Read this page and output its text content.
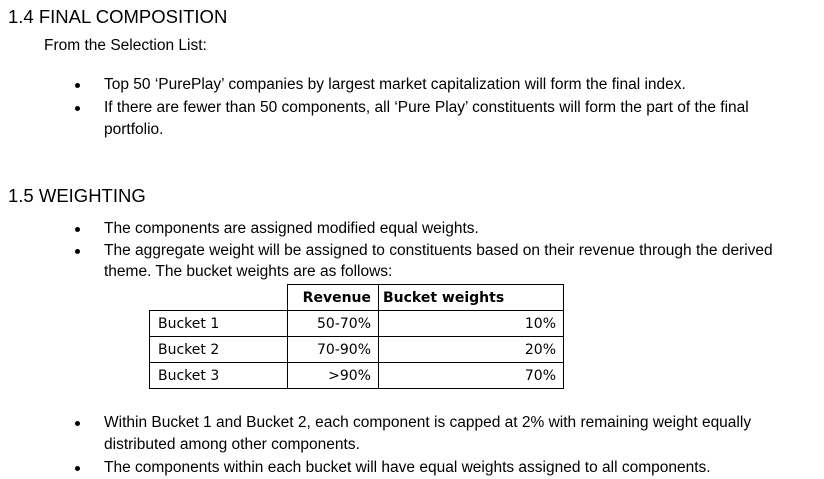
1.4 FINAL COMPOSITION
From the Selection List:
Top 50 ‘PurePlay’ companies by largest market capitalization will form the final index.
If there are fewer than 50 components, all ‘Pure Play’ constituents will form the part of the final
portfolio.
1.5 WEIGHTING
The components are assigned modified equal weights.
The aggregate weight will be assigned to constituents based on their revenue through the derived
theme. The bucket weights are as follows:
	Revenue	Bucket weights
Bucket 1	50-70%	10%
Bucket 2	70-90%	20%
Bucket 3	>90%	70%
Within Bucket 1 and Bucket 2, each component is capped at 2% with remaining weight equally
distributed among other components.
The components within each bucket will have equal weights assigned to all components.
